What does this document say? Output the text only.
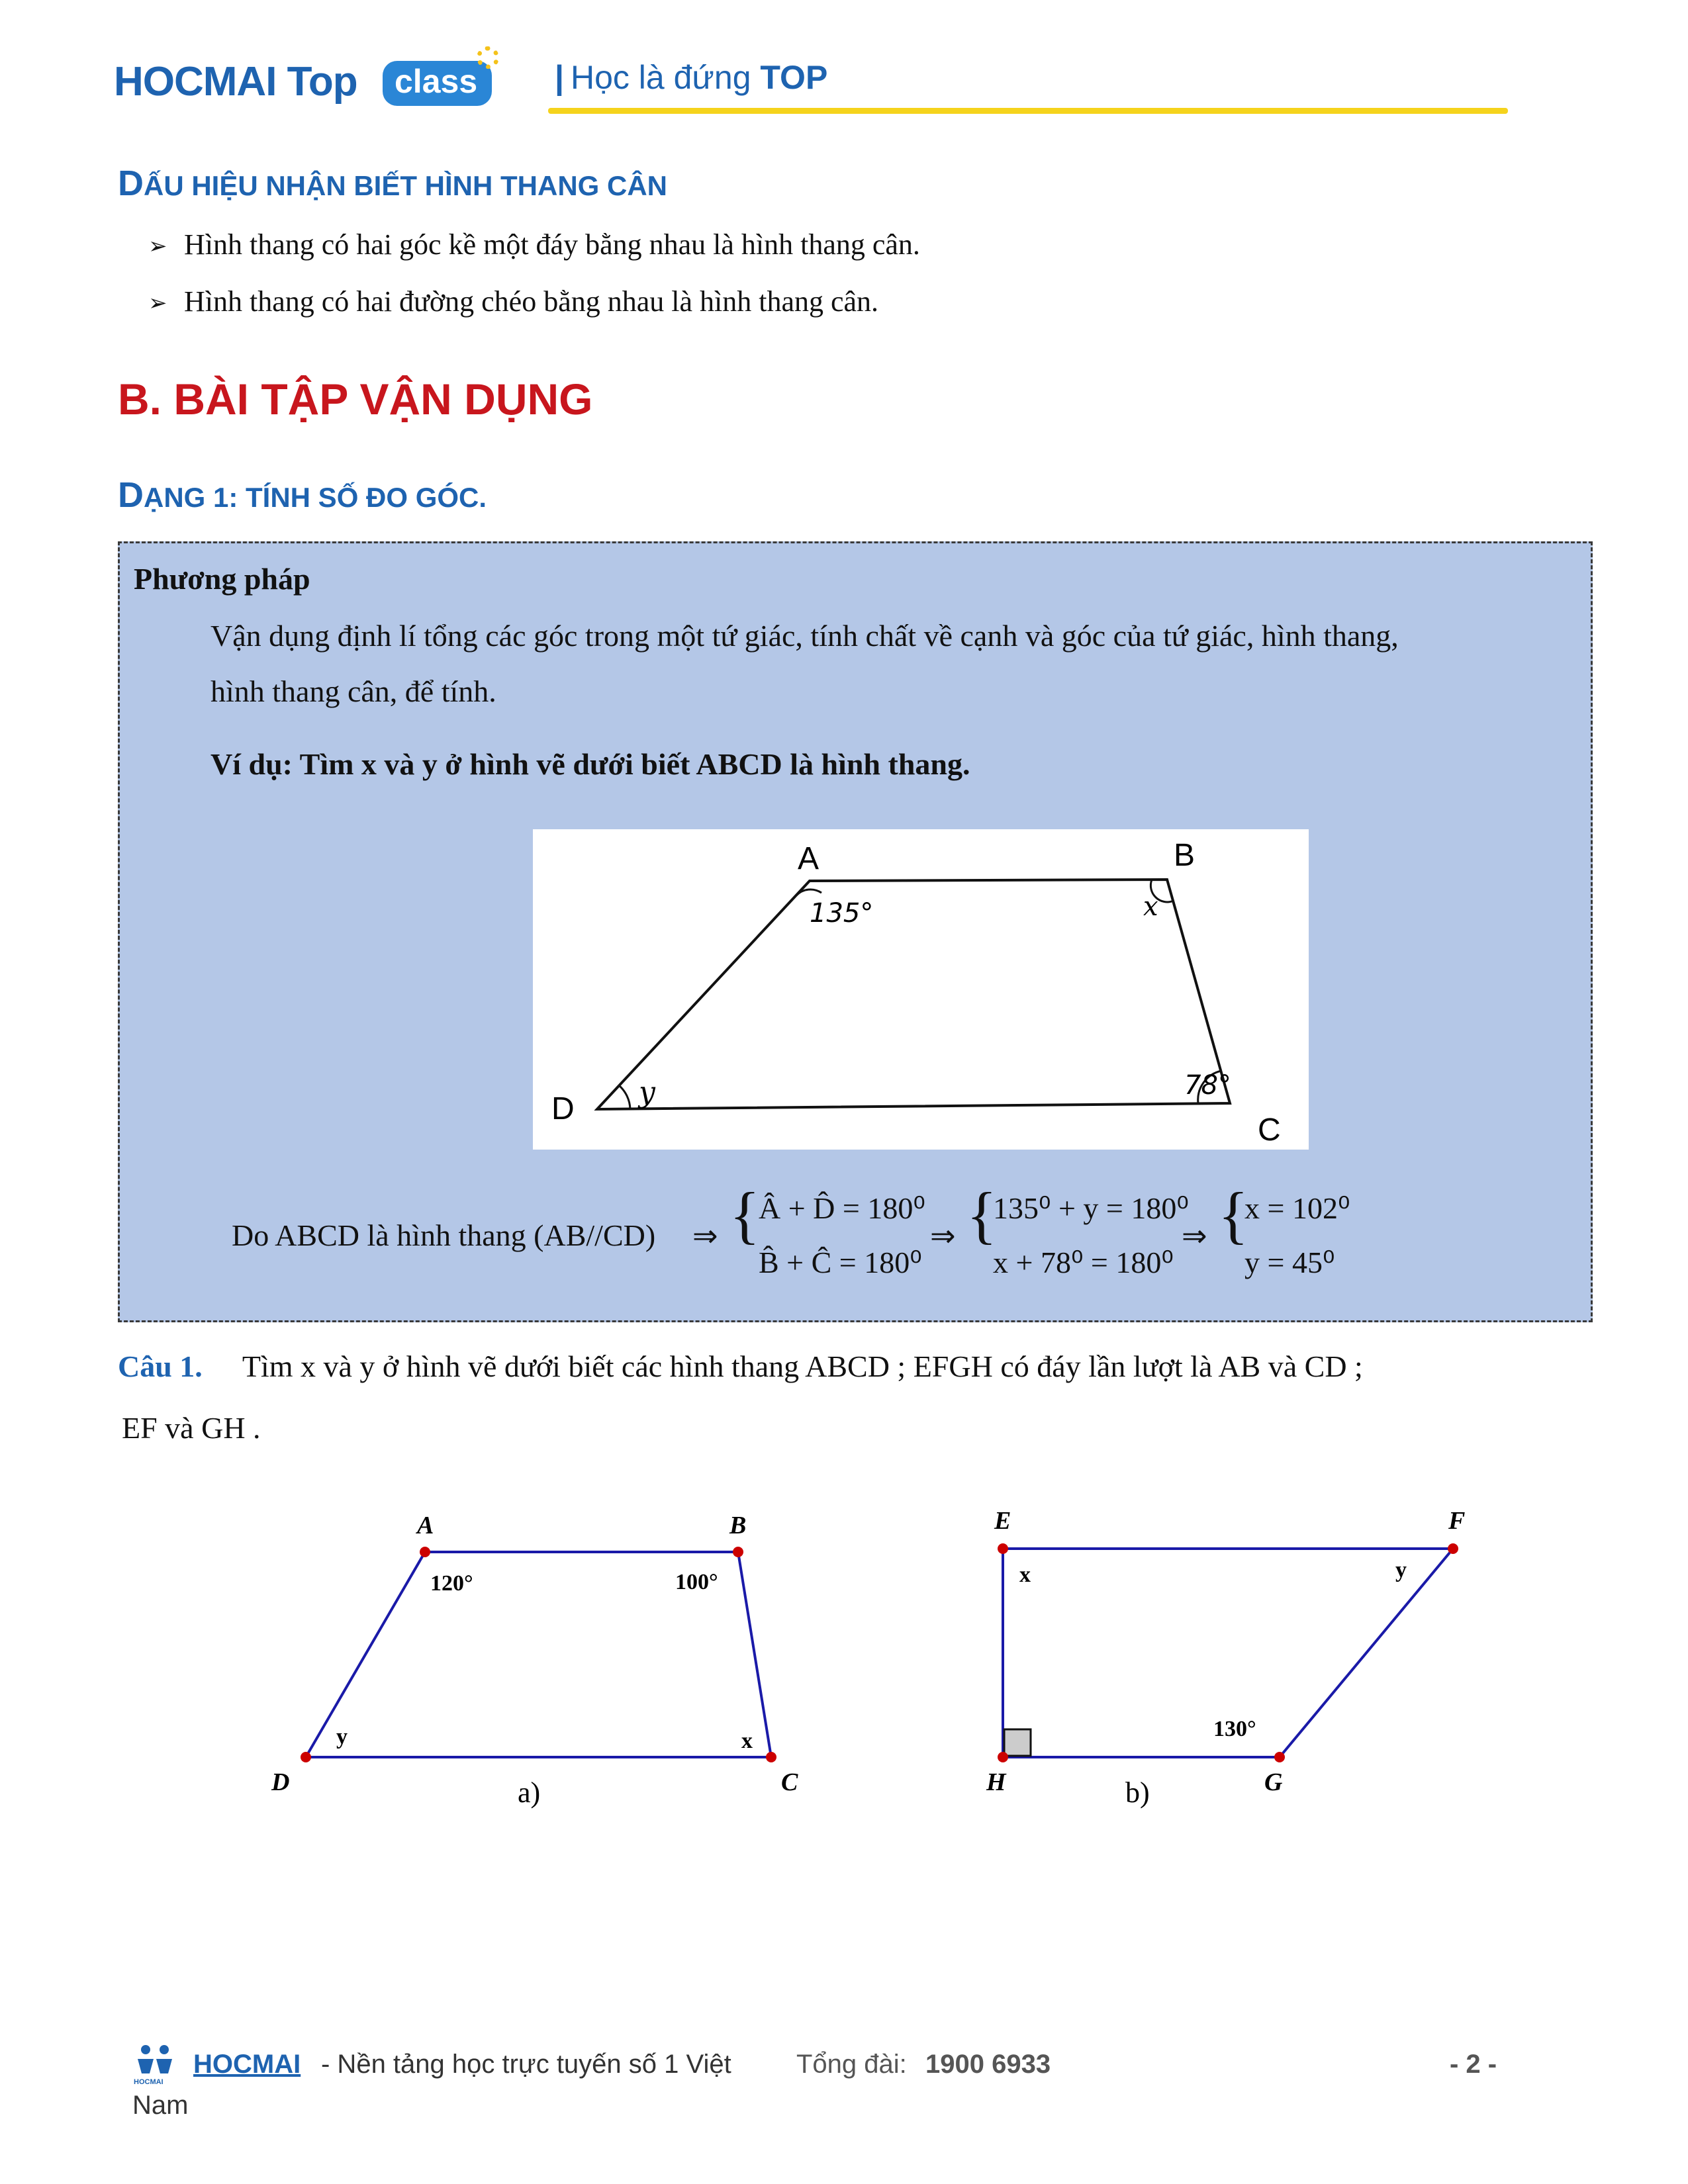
HOCMAI Top	class	| Học là đứng TOP
DẤU HIỆU NHẬN BIẾT HÌNH THANG CÂN
➢ Hình thang có hai góc kề một đáy bằng nhau là hình thang cân.
➢ Hình thang có hai đường chéo bằng nhau là hình thang cân.
B. BÀI TẬP VẬN DỤNG
DẠNG 1: TÍNH SỐ ĐO GÓC.
Phương pháp
Vận dụng định lí tổng các góc trong một tứ giác, tính chất về cạnh và góc của tứ giác, hình thang,
hình thang cân, để tính.
Ví dụ: Tìm x và y ở hình vẽ dưới biết ABCD là hình thang.
A	B
C
D
135°	x
78°
y
Do ABCD là hình thang (AB//CD) ⇒ {
Â + D̂ = 180⁰
B̂ + Ĉ = 180⁰
⇒ {
135⁰ + y = 180⁰
x + 78⁰ = 180⁰
⇒ {
x = 102⁰
y = 45⁰
Câu 1. Tìm x và y ở hình vẽ dưới biết các hình thang ABCD ; EFGH có đáy lần lượt là AB và CD ;
EF và GH .
A	B
C
D
120°	100°
x
y
a)
E	F
G
H
x	y
130°
b)
HOCMAI
HOCMAI - Nền tảng học trực tuyến số 1 Việt Tổng đài: 1900 6933	- 2 -
Nam
